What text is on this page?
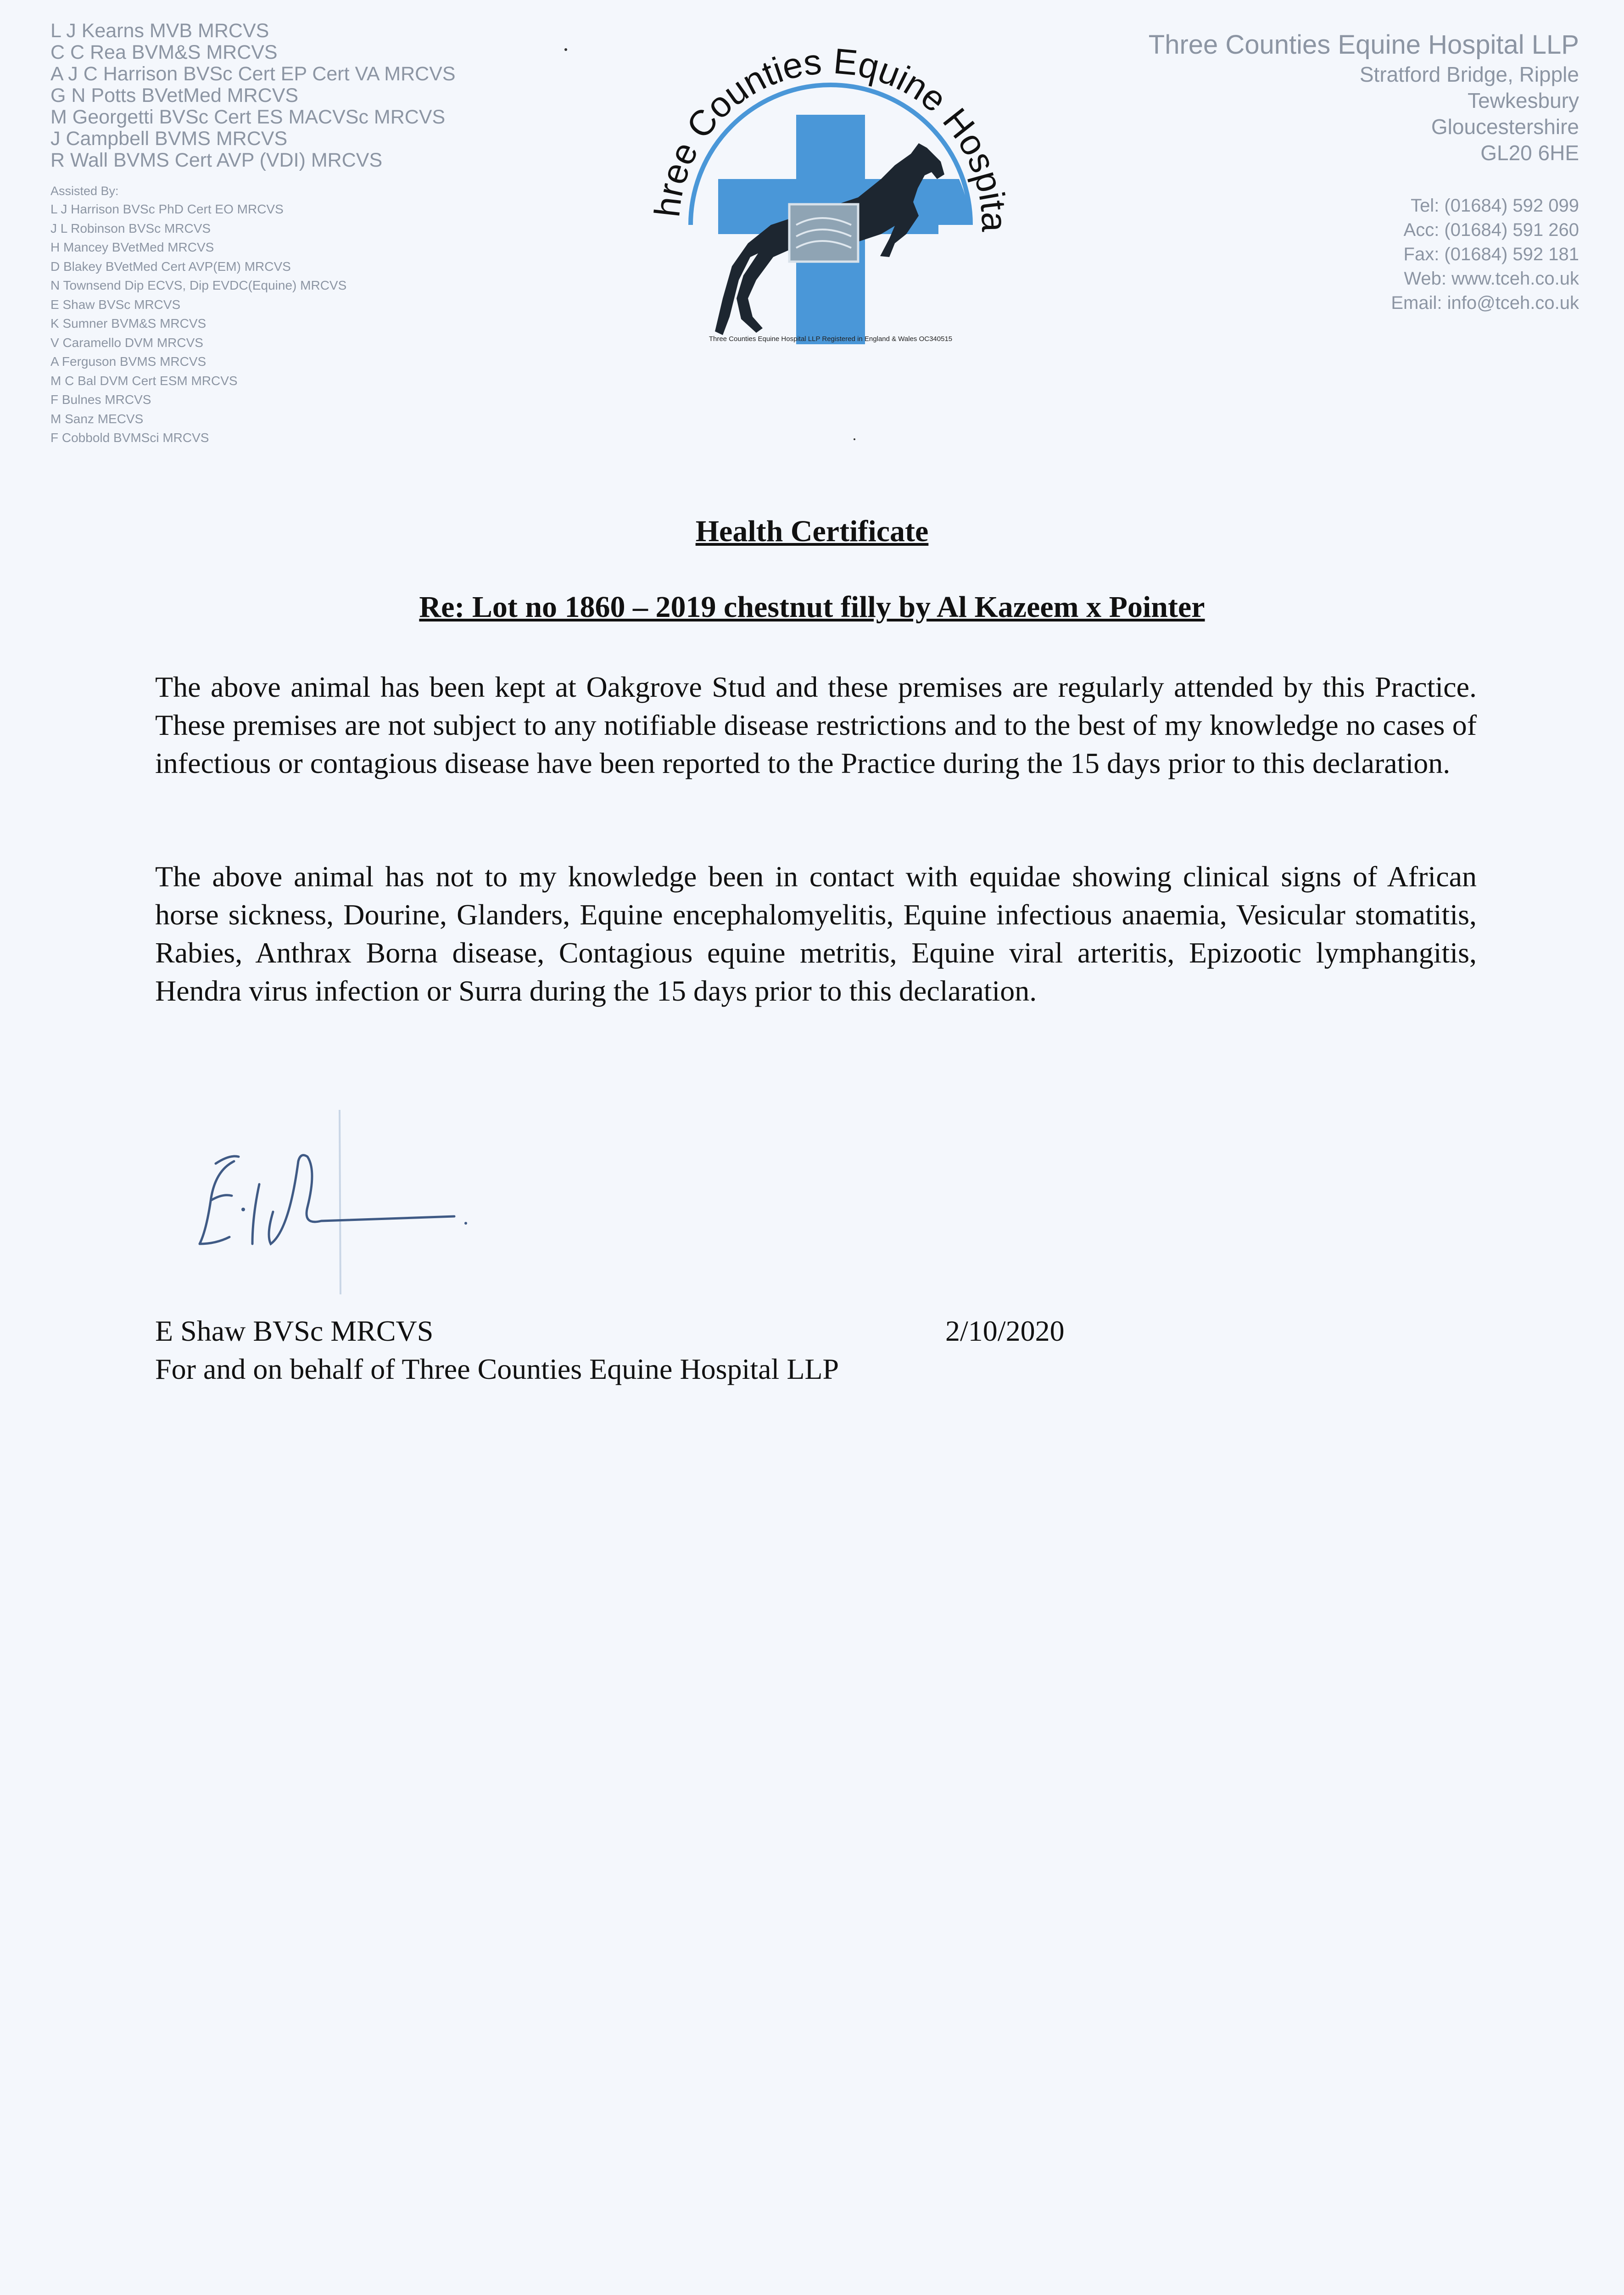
L J Kearns MVB MRCVS
C C Rea BVM&S MRCVS
A J C Harrison BVSc Cert EP Cert VA MRCVS
G N Potts BVetMed MRCVS
M Georgetti BVSc Cert ES MACVSc MRCVS
J Campbell BVMS MRCVS
R Wall BVMS Cert AVP (VDI) MRCVS
Assisted By:
L J Harrison BVSc PhD Cert EO MRCVS
J L Robinson BVSc MRCVS
H Mancey BVetMed MRCVS
D Blakey BVetMed Cert AVP(EM) MRCVS
N Townsend Dip ECVS, Dip EVDC(Equine) MRCVS
E Shaw BVSc MRCVS
K Sumner BVM&S MRCVS
V Caramello DVM MRCVS
A Ferguson BVMS MRCVS
M C Bal DVM Cert ESM MRCVS
F Bulnes MRCVS
M Sanz MECVS
F Cobbold BVMSci MRCVS
hree Counties Equine Hospita
Three Counties Equine Hospital LLP Registered in England & Wales OC340515
Three Counties Equine Hospital LLP
Stratford Bridge, Ripple
Tewkesbury
Gloucestershire
GL20 6HE
Tel: (01684) 592 099
Acc: (01684) 591 260
Fax: (01684) 592 181
Web: www.tceh.co.uk
Email: info@tceh.co.uk
Health Certificate
Re: Lot no 1860 – 2019 chestnut filly by Al Kazeem x Pointer

The above animal has been kept at Oakgrove Stud and these premises are regularly attended by this Practice. These premises are not subject to any notifiable disease restrictions and to the best of my knowledge no cases of infectious or contagious disease have been reported to the Practice during the 15 days prior to this declaration.

The above animal has not to my knowledge been in contact with equidae showing clinical signs of African horse sickness, Dourine, Glanders, Equine encephalomyelitis, Equine infectious anaemia, Vesicular stomatitis, Rabies, Anthrax Borna disease, Contagious equine metritis, Equine viral arteritis, Epizootic lymphangitis, Hendra virus infection or Surra during the 15 days prior to this declaration.

E Shaw BVSc MRCVS	2/10/2020
For and on behalf of Three Counties Equine Hospital LLP
